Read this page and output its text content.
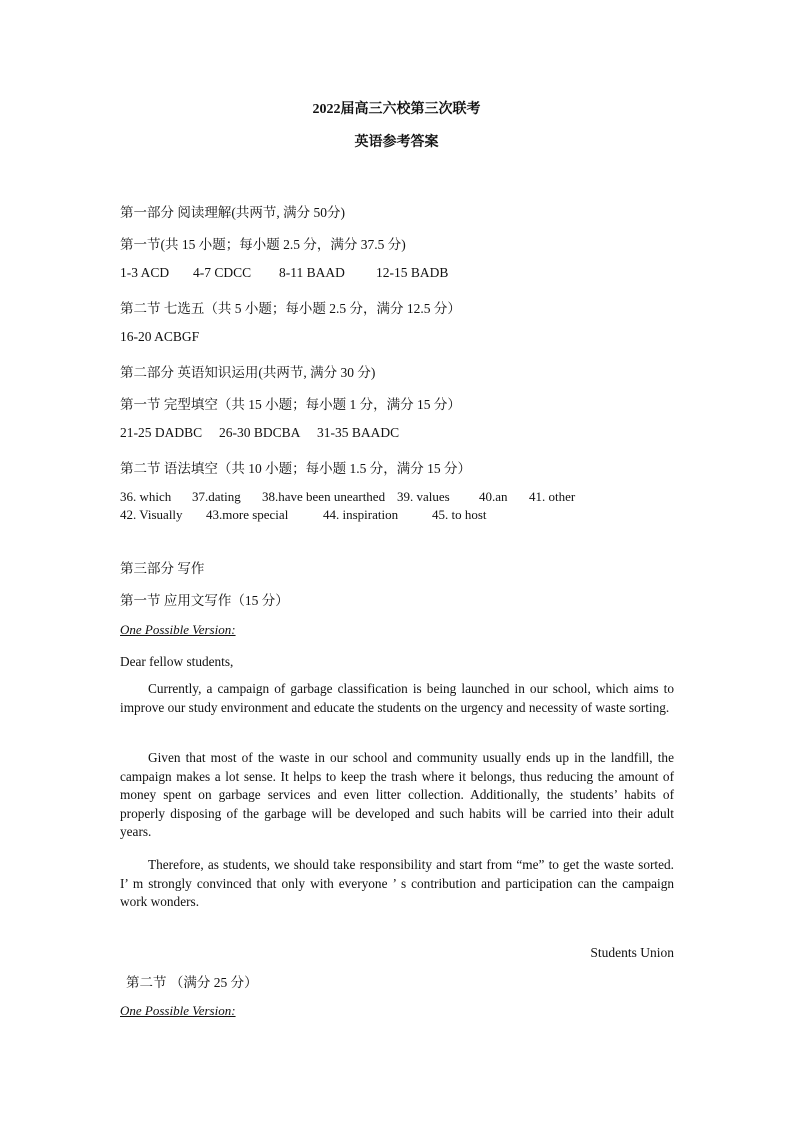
2022届高三六校第三次联考
英语参考答案
第一部分 阅读理解(共两节, 满分 50分)
第一节(共 15 小题；每小题 2.5 分，满分 37.5 分)
1-3 ACD 4-7 CDCC 8-11 BAAD 12-15 BADB
第二节 七选五（共 5 小题；每小题 2.5 分，满分 12.5 分）
16-20 ACBGF
第二部分 英语知识运用(共两节, 满分 30 分)
第一节 完型填空（共 15 小题；每小题 1 分，满分 15 分）
21-25 DADBC 26-30 BDCBA 31-35 BAADC
第二节 语法填空（共 10 小题；每小题 1.5 分，满分 15 分）
36. which 37.dating 38.have been unearthed 39. values 40.an 41. other
42. Visually 43.more special	44. inspiration	45. to host
第三部分 写作
第一节 应用文写作（15 分）
One Possible Version:
Dear fellow students,

Currently, a campaign of garbage classification is being launched in our school, which aims to improve our study environment and educate the students on the urgency and necessity of waste sorting.

Given that most of the waste in our school and community usually ends up in the landfill, the campaign makes a lot sense. It helps to keep the trash where it belongs, thus reducing the amount of money spent on garbage services and even litter collection. Additionally, the students’ habits of properly disposing of the garbage will be developed and such habits will be carried into their adult years.

Therefore, as students, we should take responsibility and start from “me” to get the waste sorted. I’ m strongly convinced that only with everyone ’ s contribution and participation can the campaign work wonders.

Students Union
第二节 （满分 25 分）
One Possible Version:
